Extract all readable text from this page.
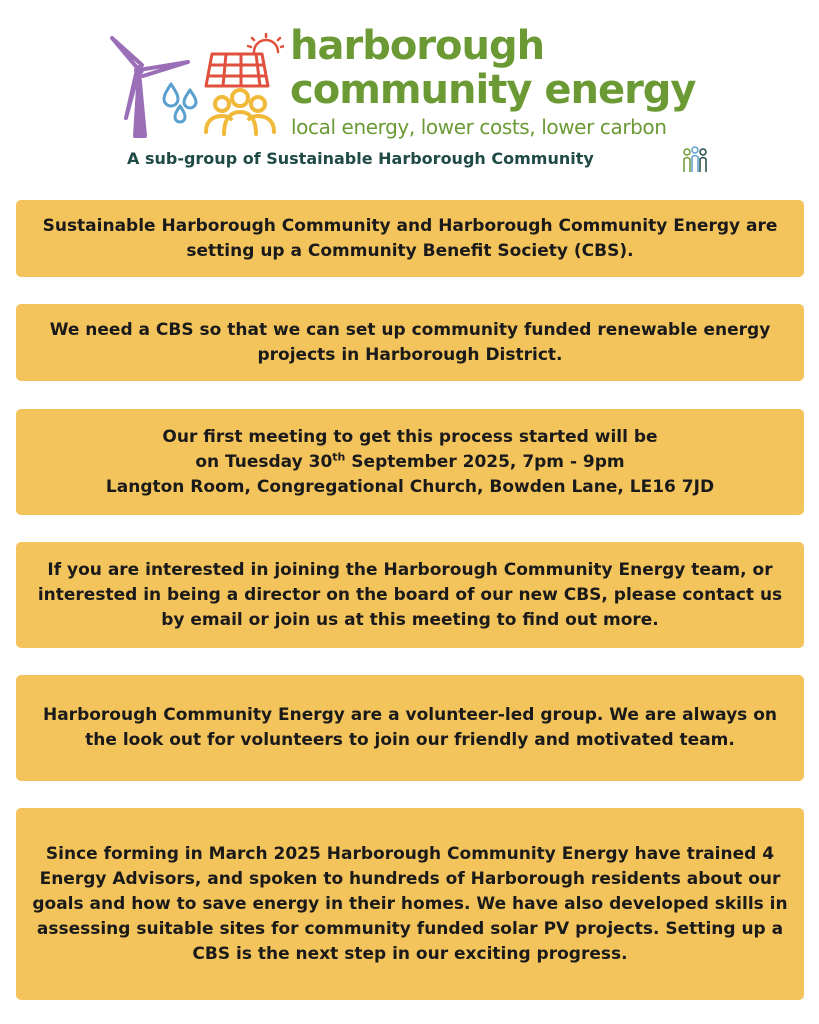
harborough
community energy
local energy, lower costs, lower carbon
A sub-group of Sustainable Harborough Community

Sustainable Harborough Community and Harborough Community Energy are setting up a Community Benefit Society (CBS).

We need a CBS so that we can set up community funded renewable energy projects in Harborough District.

Our first meeting to get this process started will be
on Tuesday 30th September 2025, 7pm - 9pm
Langton Room, Congregational Church, Bowden Lane, LE16 7JD

If you are interested in joining the Harborough Community Energy team, or interested in being a director on the board of our new CBS, please contact us by email or join us at this meeting to find out more.

Harborough Community Energy are a volunteer-led group. We are always on the look out for volunteers to join our friendly and motivated team.

Since forming in March 2025 Harborough Community Energy have trained 4 Energy Advisors, and spoken to hundreds of Harborough residents about our goals and how to save energy in their homes. We have also developed skills in assessing suitable sites for community funded solar PV projects. Setting up a CBS is the next step in our exciting progress.
